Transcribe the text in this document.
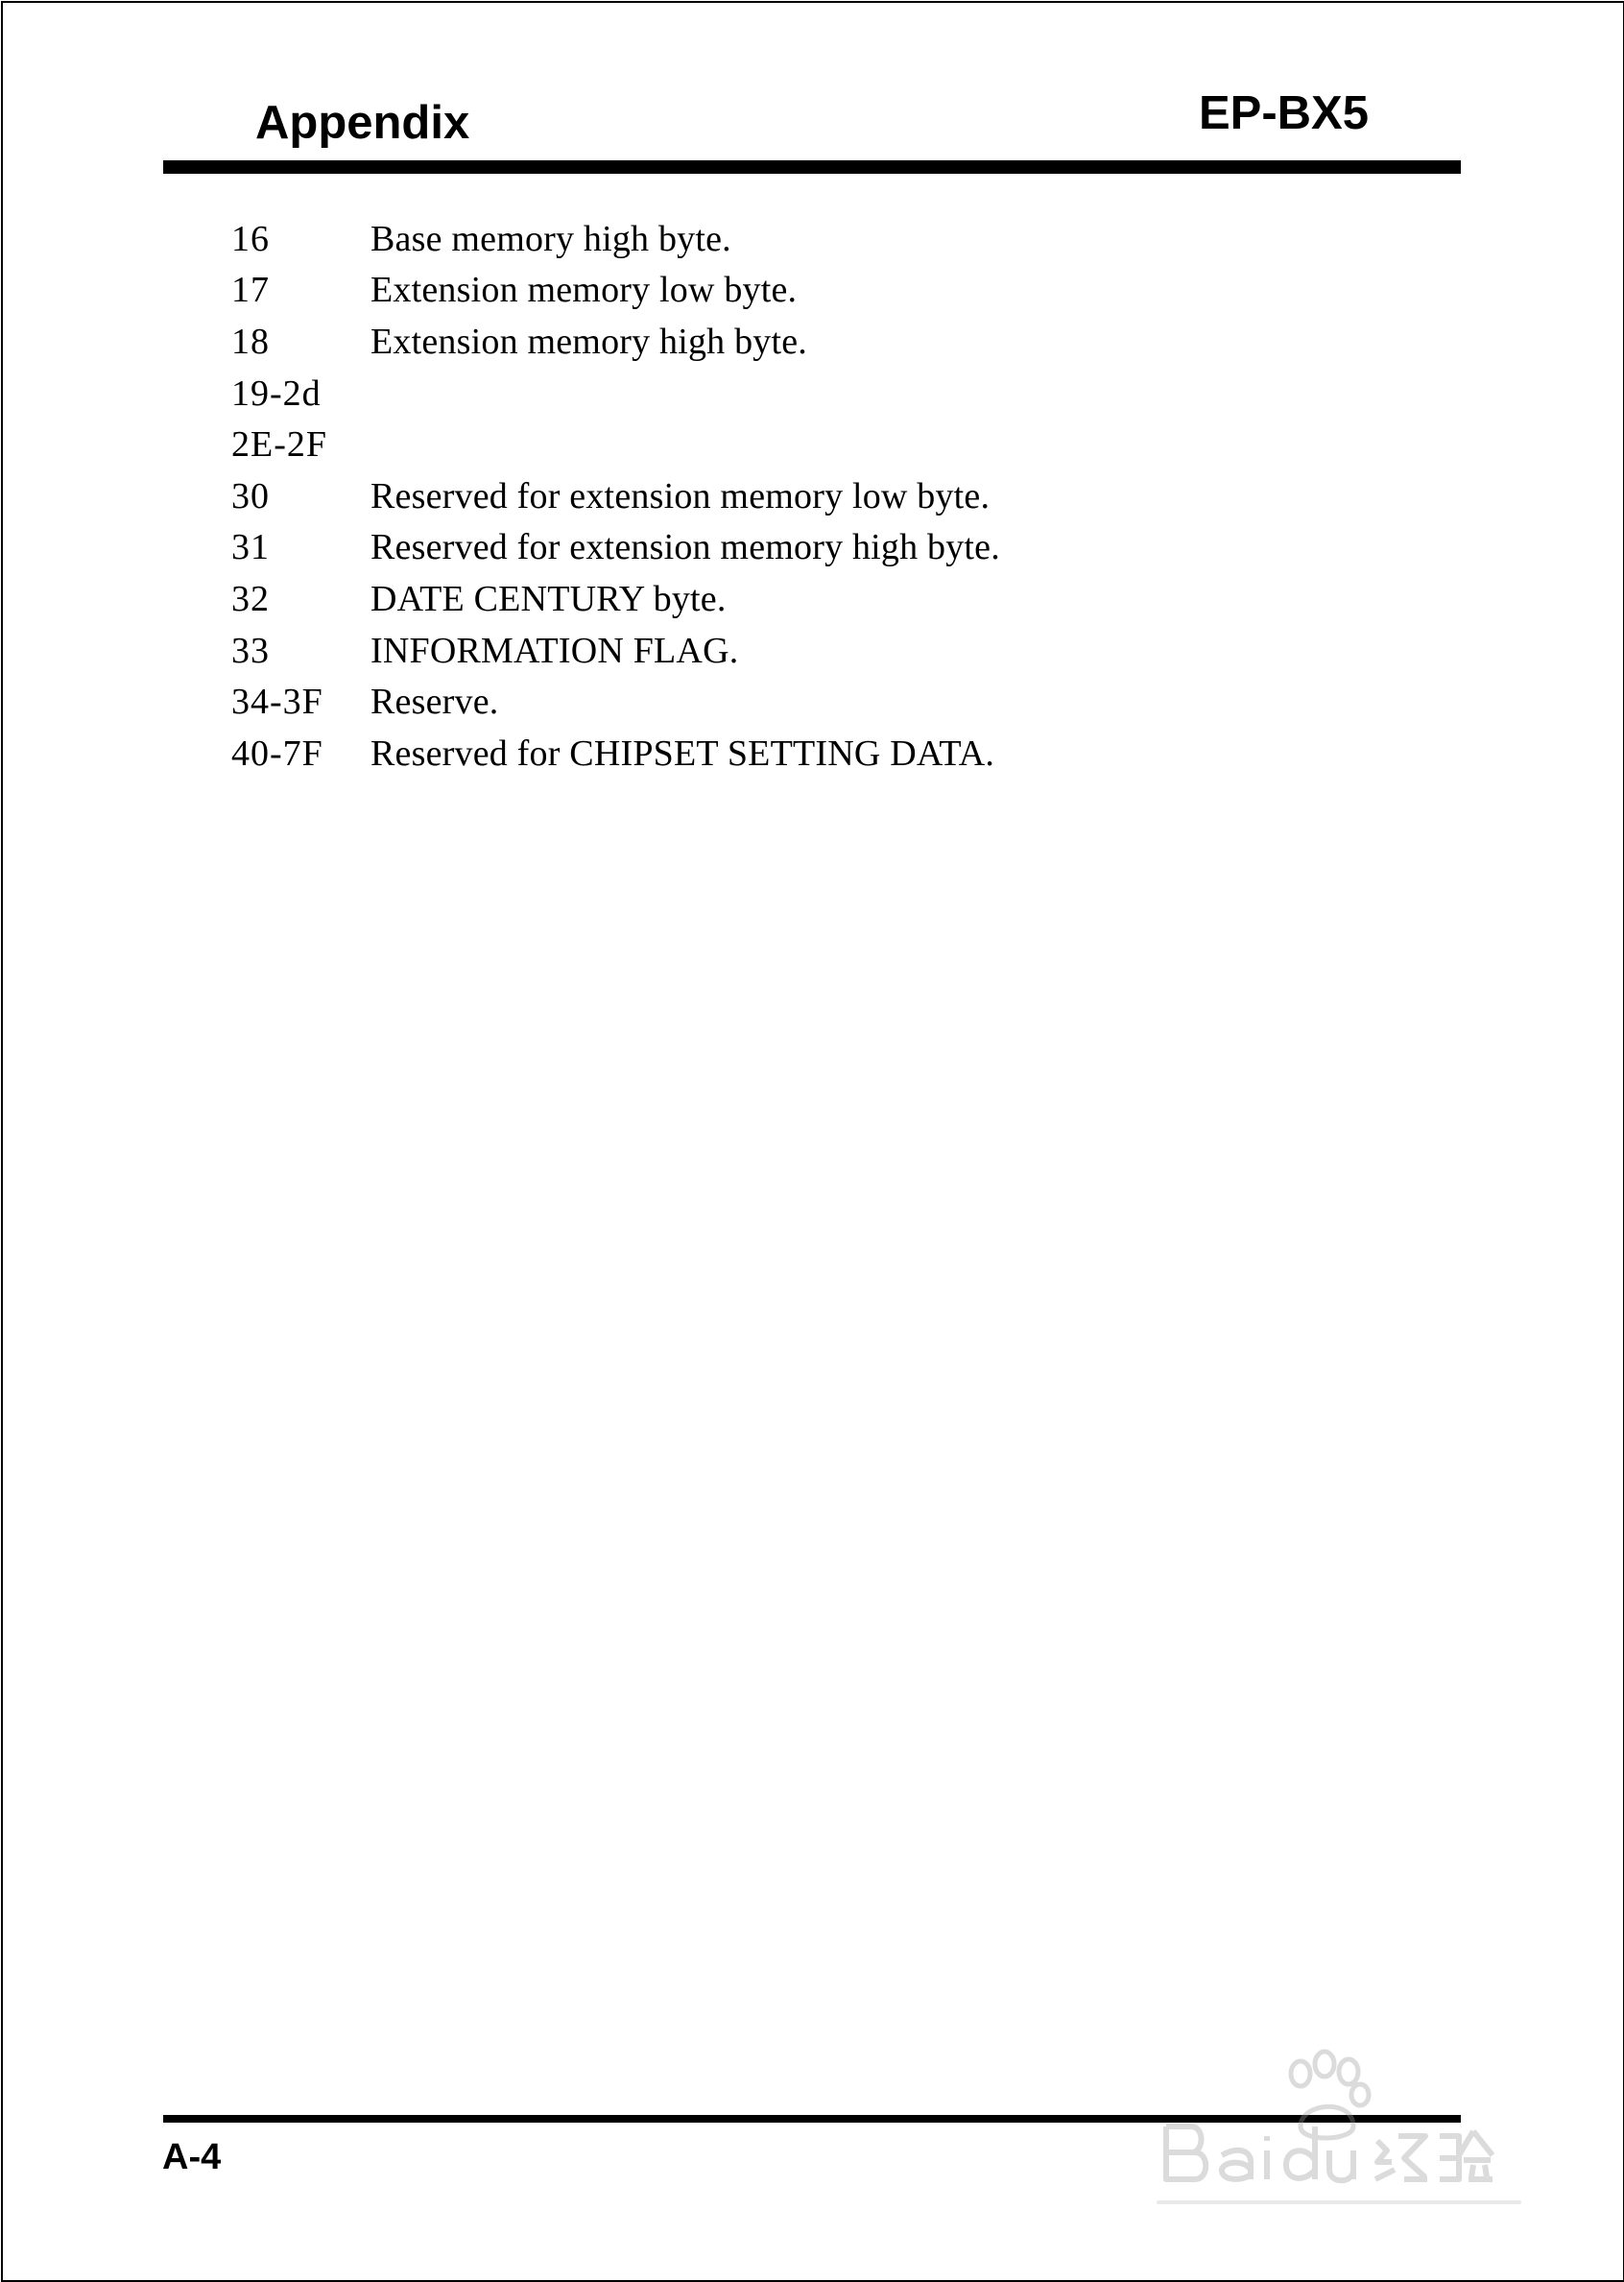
Appendix	EP-BX5
16	Base memory high byte.
17	Extension memory low byte.
18	Extension memory high byte.
19-2d
2E-2F
30	Reserved for extension memory low byte.
31	Reserved for extension memory high byte.
32	DATE CENTURY byte.
33	INFORMATION FLAG.
34-3F	Reserve.
40-7F	Reserved for CHIPSET SETTING DATA.
A-4
